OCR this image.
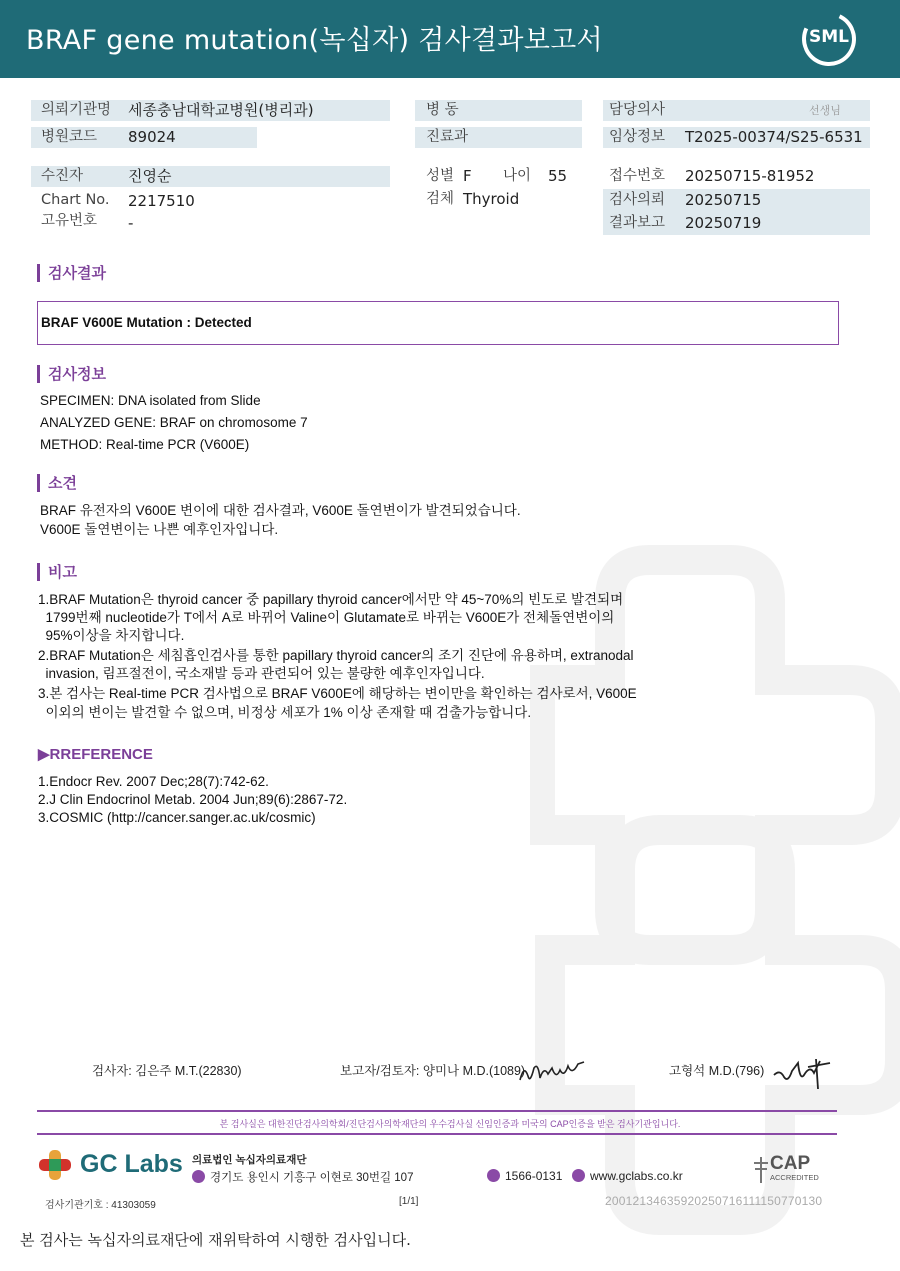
BRAF gene mutation(녹십자) 검사결과보고서	SML
의뢰기관명 세종충남대학교병원(병리과)
병원코드 89024
병 동
진료과
담당의사	선생님
임상정보 T2025-00374/S25-6531
수진자	진영순
Chart No. 2217510
고유번호 -
성별 F 나이 55
검체 Thyroid
접수번호 20250715-81952
검사의뢰 20250715
결과보고 20250719
검사결과
BRAF V600E Mutation : Detected
검사정보
SPECIMEN: DNA isolated from Slide
ANALYZED GENE: BRAF on chromosome 7
METHOD: Real-time PCR (V600E)
소견
BRAF 유전자의 V600E 변이에 대한 검사결과, V600E 돌연변이가 발견되었습니다.
V600E 돌연변이는 나쁜 예후인자입니다.
비고
1.BRAF Mutation은 thyroid cancer 중 papillary thyroid cancer에서만 약 45~70%의 빈도로 발견되며
1799번째 nucleotide가 T에서 A로 바뀌어 Valine이 Glutamate로 바뀌는 V600E가 전체돌연변이의
95%이상을 차지합니다.
2.BRAF Mutation은 세침흡인검사를 통한 papillary thyroid cancer의 조기 진단에 유용하며, extranodal
invasion, 림프절전이, 국소재발 등과 관련되어 있는 불량한 예후인자입니다.
3.본 검사는 Real-time PCR 검사법으로 BRAF V600E에 해당하는 변이만을 확인하는 검사로서, V600E
이외의 변이는 발견할 수 없으며, 비정상 세포가 1% 이상 존재할 때 검출가능합니다.
▶RREFERENCE
1.Endocr Rev. 2007 Dec;28(7):742-62.
2.J Clin Endocrinol Metab. 2004 Jun;89(6):2867-72.
3.COSMIC (http://cancer.sanger.ac.uk/cosmic)
검사자: 김은주 M.T.(22830)	보고자/검토자: 양미나 M.D.(1089)	고형석 M.D.(796)
본 검사실은 대한진단검사의학회/진단검사의학재단의 우수검사실 신임인증과 미국의 CAP인증을 받은 검사기관입니다.
GC Labs 의료법인 녹십자의료재단
경기도 용인시 기흥구 이현로 30번길 107	1566-0131	www.gclabs.co.kr
CAP
ACCREDITED
검사기관기호 : 41303059	[1/1]	20012134635920250716111150770130
본 검사는 녹십자의료재단에 재위탁하여 시행한 검사입니다.
